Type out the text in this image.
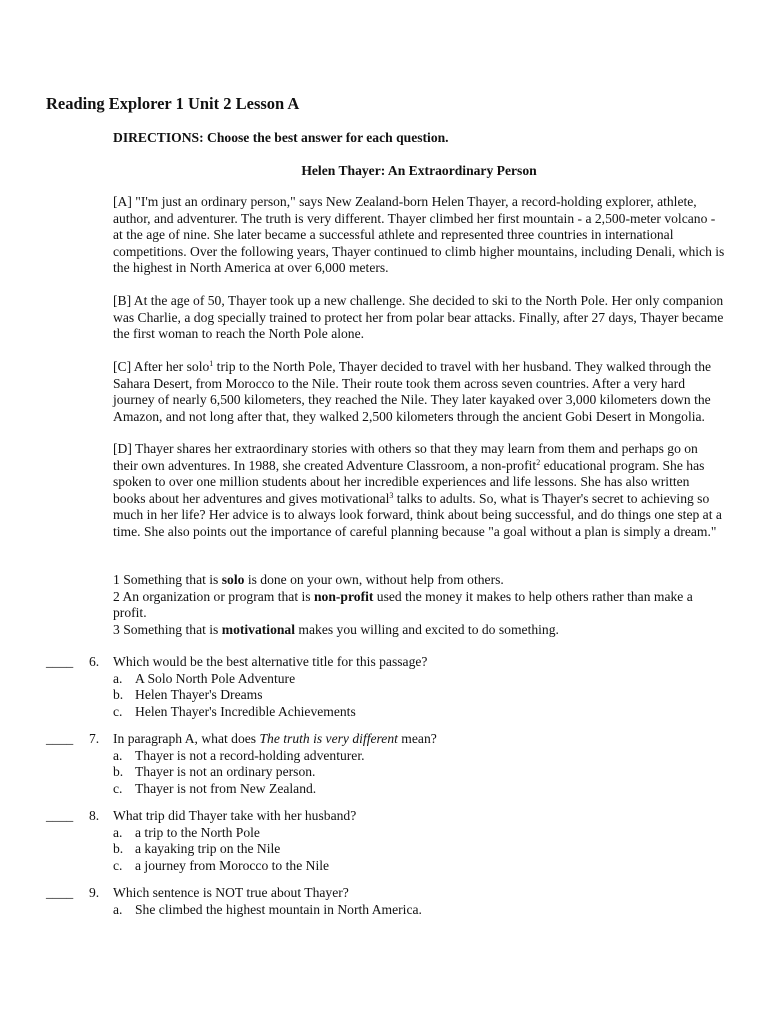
Reading Explorer 1 Unit 2 Lesson A
DIRECTIONS: Choose the best answer for each question.
Helen Thayer: An Extraordinary Person

[A] "I'm just an ordinary person," says New Zealand-born Helen Thayer, a record-holding explorer, athlete, author, and adventurer. The truth is very different. Thayer climbed her first mountain - a 2,500-meter volcano - at the age of nine. She later became a successful athlete and represented three countries in international competitions. Over the following years, Thayer continued to climb higher mountains, including Denali, which is the highest in North America at over 6,000 meters.

[B] At the age of 50, Thayer took up a new challenge. She decided to ski to the North Pole. Her only companion was Charlie, a dog specially trained to protect her from polar bear attacks. Finally, after 27 days, Thayer became the first woman to reach the North Pole alone.

[C] After her solo$^1$ trip to the North Pole, Thayer decided to travel with her husband. They walked through the Sahara Desert, from Morocco to the Nile. Their route took them across seven countries. After a very hard journey of nearly 6,500 kilometers, they reached the Nile. They later kayaked over 3,000 kilometers down the Amazon, and not long after that, they walked 2,500 kilometers through the ancient Gobi Desert in Mongolia.

[D] Thayer shares her extraordinary stories with others so that they may learn from them and perhaps go on their own adventures. In 1988, she created Adventure Classroom, a non-profit$^2$ educational program. She has spoken to over one million students about her incredible experiences and life lessons. She has also written books about her adventures and gives motivational$^3$ talks to adults. So, what is Thayer's secret to achieving so much in her life? Her advice is to always look forward, think about being successful, and do things one step at a time. She also points out the importance of careful planning because "a goal without a plan is simply a dream."

1 Something that is solo is done on your own, without help from others.
2 An organization or program that is non-profit used the money it makes to help others rather than make a profit.
3 Something that is motivational makes you willing and excited to do something.
____ 6. Which would be the best alternative title for this passage?
a. A Solo North Pole Adventure
b. Helen Thayer's Dreams
c. Helen Thayer's Incredible Achievements
____ 7. In paragraph A, what does The truth is very different mean?
a. Thayer is not a record-holding adventurer.
b. Thayer is not an ordinary person.
c. Thayer is not from New Zealand.
____ 8. What trip did Thayer take with her husband?
a. a trip to the North Pole
b. a kayaking trip on the Nile
c. a journey from Morocco to the Nile
____ 9. Which sentence is NOT true about Thayer?
a. She climbed the highest mountain in North America.
